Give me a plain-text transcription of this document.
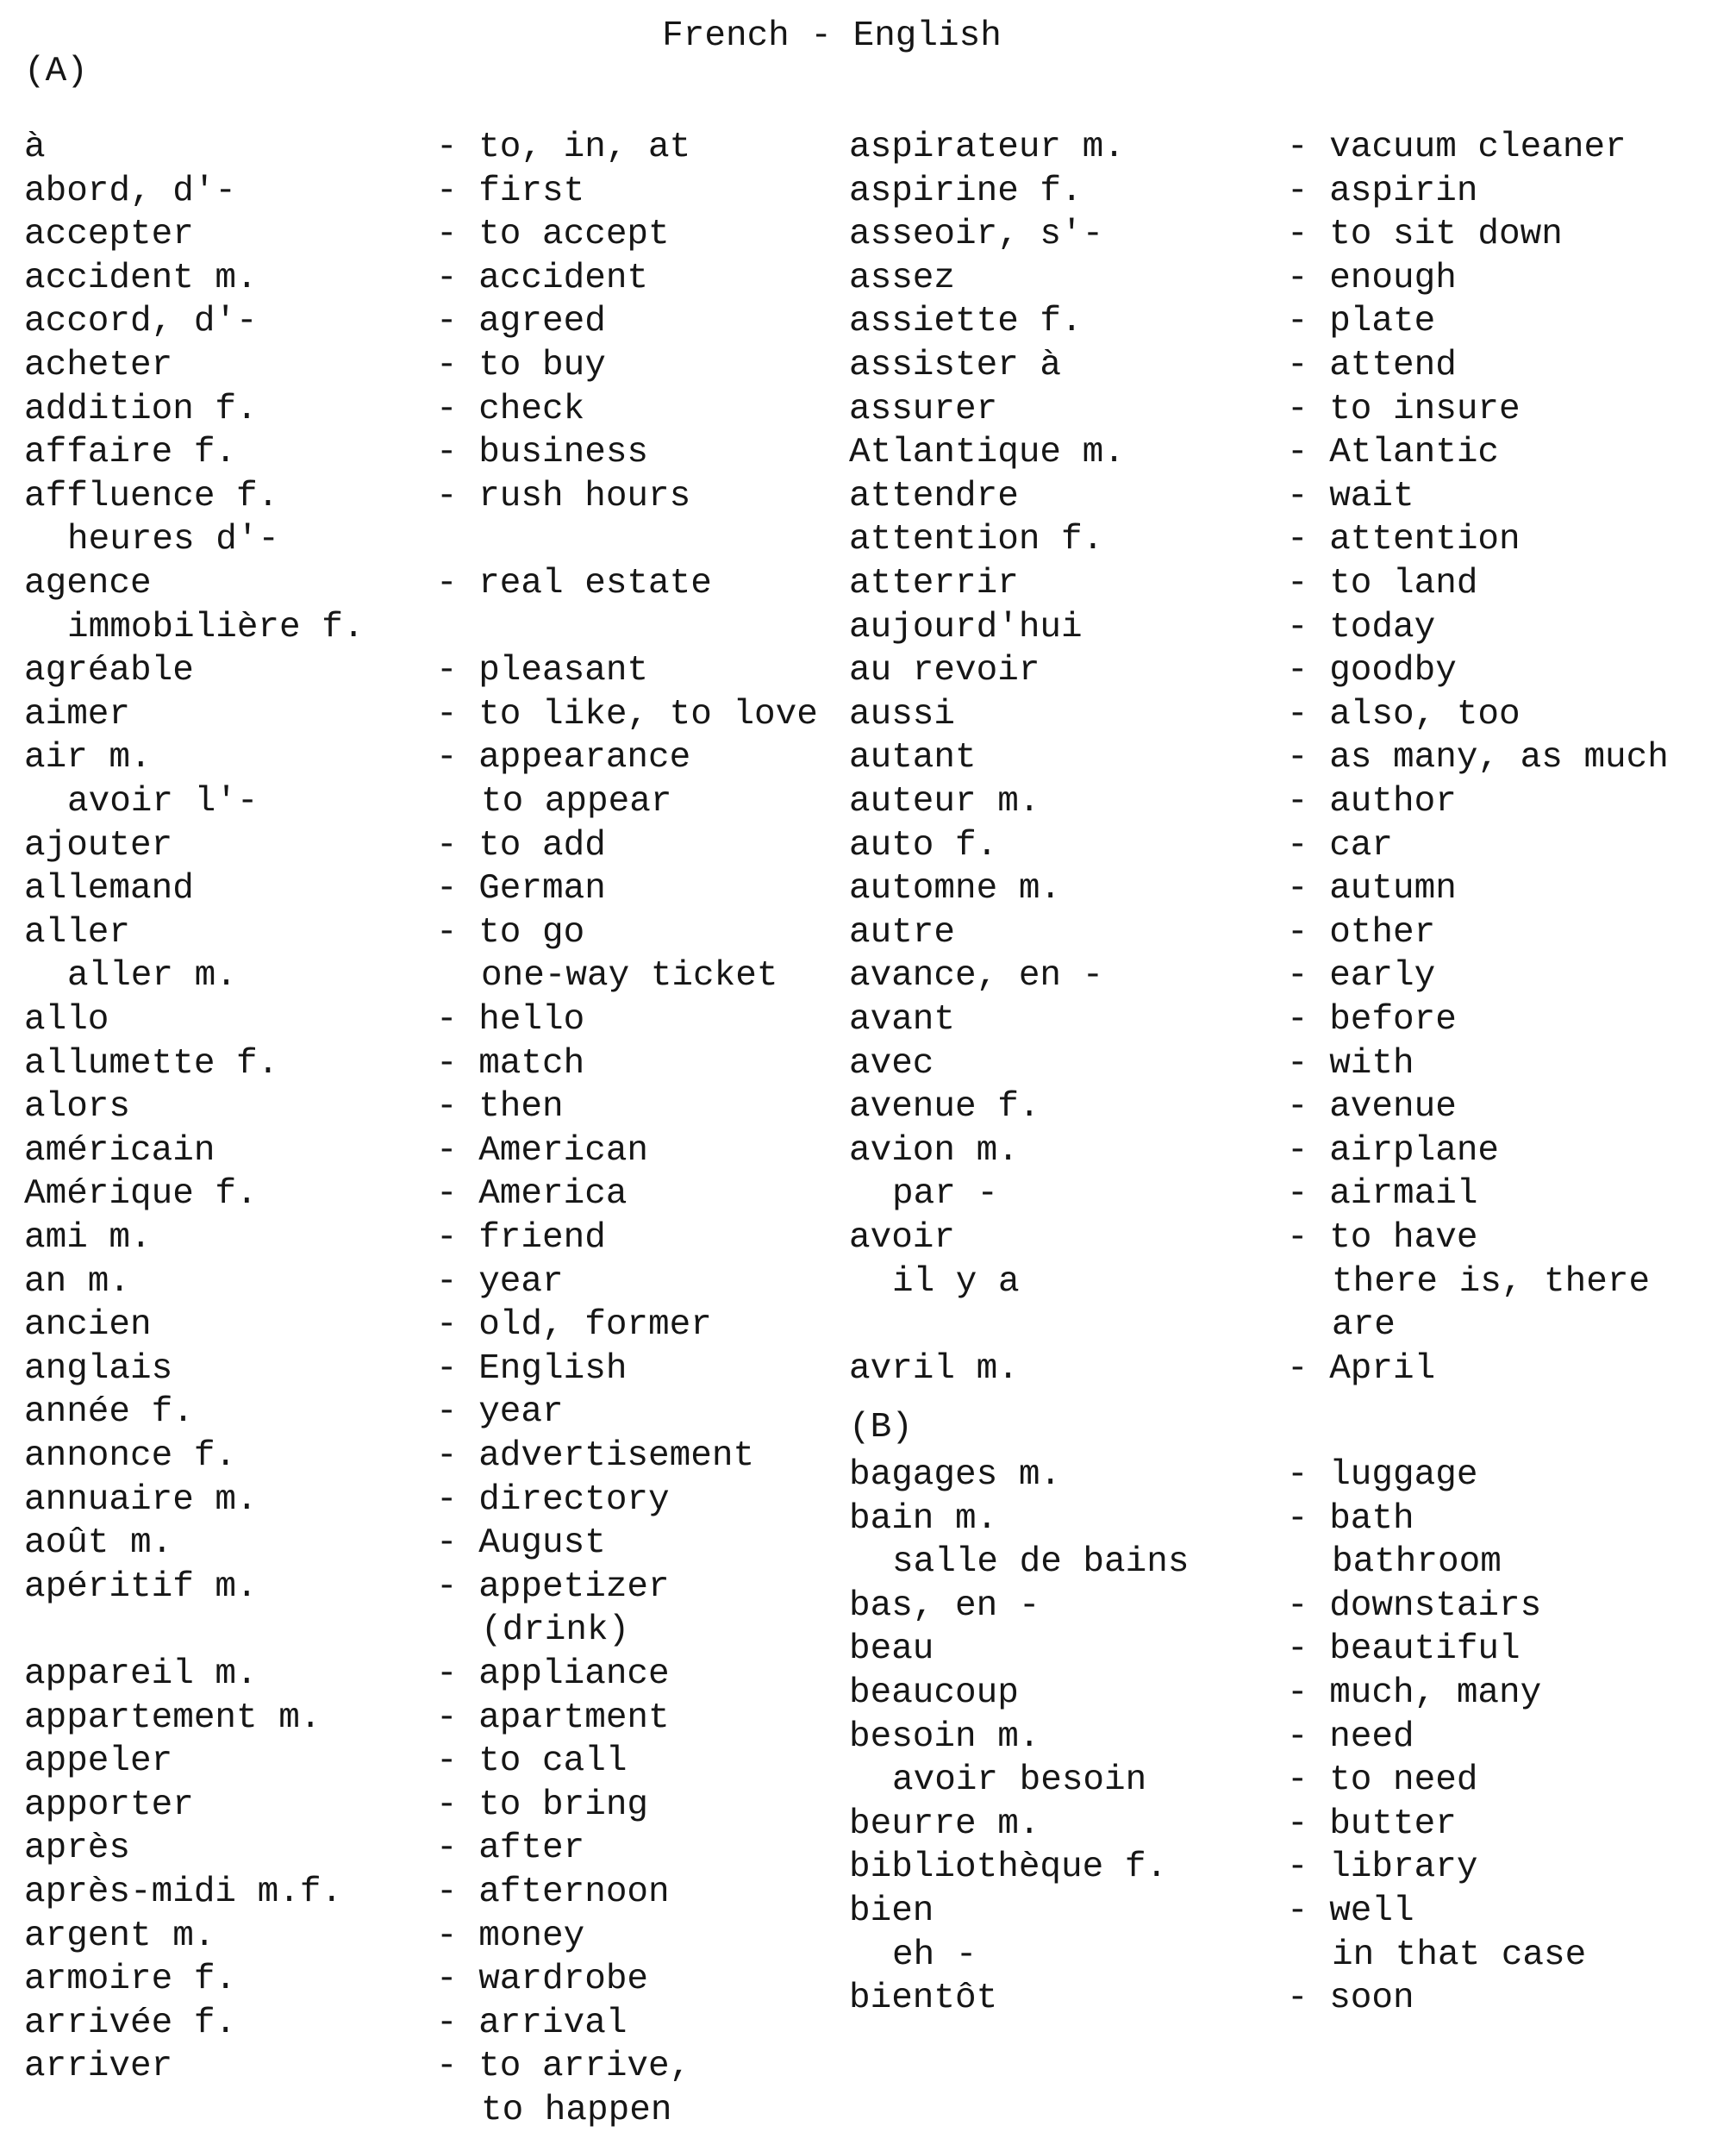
French - English
(A)
à	- to, in, at
abord, d'-	- first
accepter	- to accept
accident m.	- accident
accord, d'-	- agreed
acheter	- to buy
addition f.	- check
affaire f.	- business
affluence f.	- rush hours
heures d'-
agence	- real estate
immobilière f.
agréable	- pleasant
aimer	- to like, to love
air m.	- appearance
avoir l'-	to appear
ajouter	- to add
allemand	- German
aller	- to go
aller m.	one-way ticket
allo	- hello
allumette f.	- match
alors	- then
américain	- American
Amérique f.	- America
ami m.	- friend
an m.	- year
ancien	- old, former
anglais	- English
année f.	- year
annonce f.	- advertisement
annuaire m.	- directory
août m.	- August
apéritif m.	- appetizer
(drink)
appareil m.	- appliance
appartement m.	- apartment
appeler	- to call
apporter	- to bring
après	- after
après-midi m.f.	- afternoon
argent m.	- money
armoire f.	- wardrobe
arrivée f.	- arrival
arriver	- to arrive,
to happen
(B)
aspirateur m.	- vacuum cleaner
aspirine f.	- aspirin
asseoir, s'-	- to sit down
assez	- enough
assiette f.	- plate
assister à	- attend
assurer	- to insure
Atlantique m.	- Atlantic
attendre	- wait
attention f.	- attention
atterrir	- to land
aujourd'hui	- today
au revoir	- goodby
aussi	- also, too
autant	- as many, as much
auteur m.	- author
auto f.	- car
automne m.	- autumn
autre	- other
avance, en -	- early
avant	- before
avec	- with
avenue f.	- avenue
avion m.	- airplane
par -	- airmail
avoir	- to have
il y a	there is, there
are
avril m.	- April
bagages m.	- luggage
bain m.	- bath
salle de bains	bathroom
bas, en -	- downstairs
beau	- beautiful
beaucoup	- much, many
besoin m.	- need
avoir besoin	- to need
beurre m.	- butter
bibliothèque f.	- library
bien	- well
eh -	in that case
bientôt	- soon
